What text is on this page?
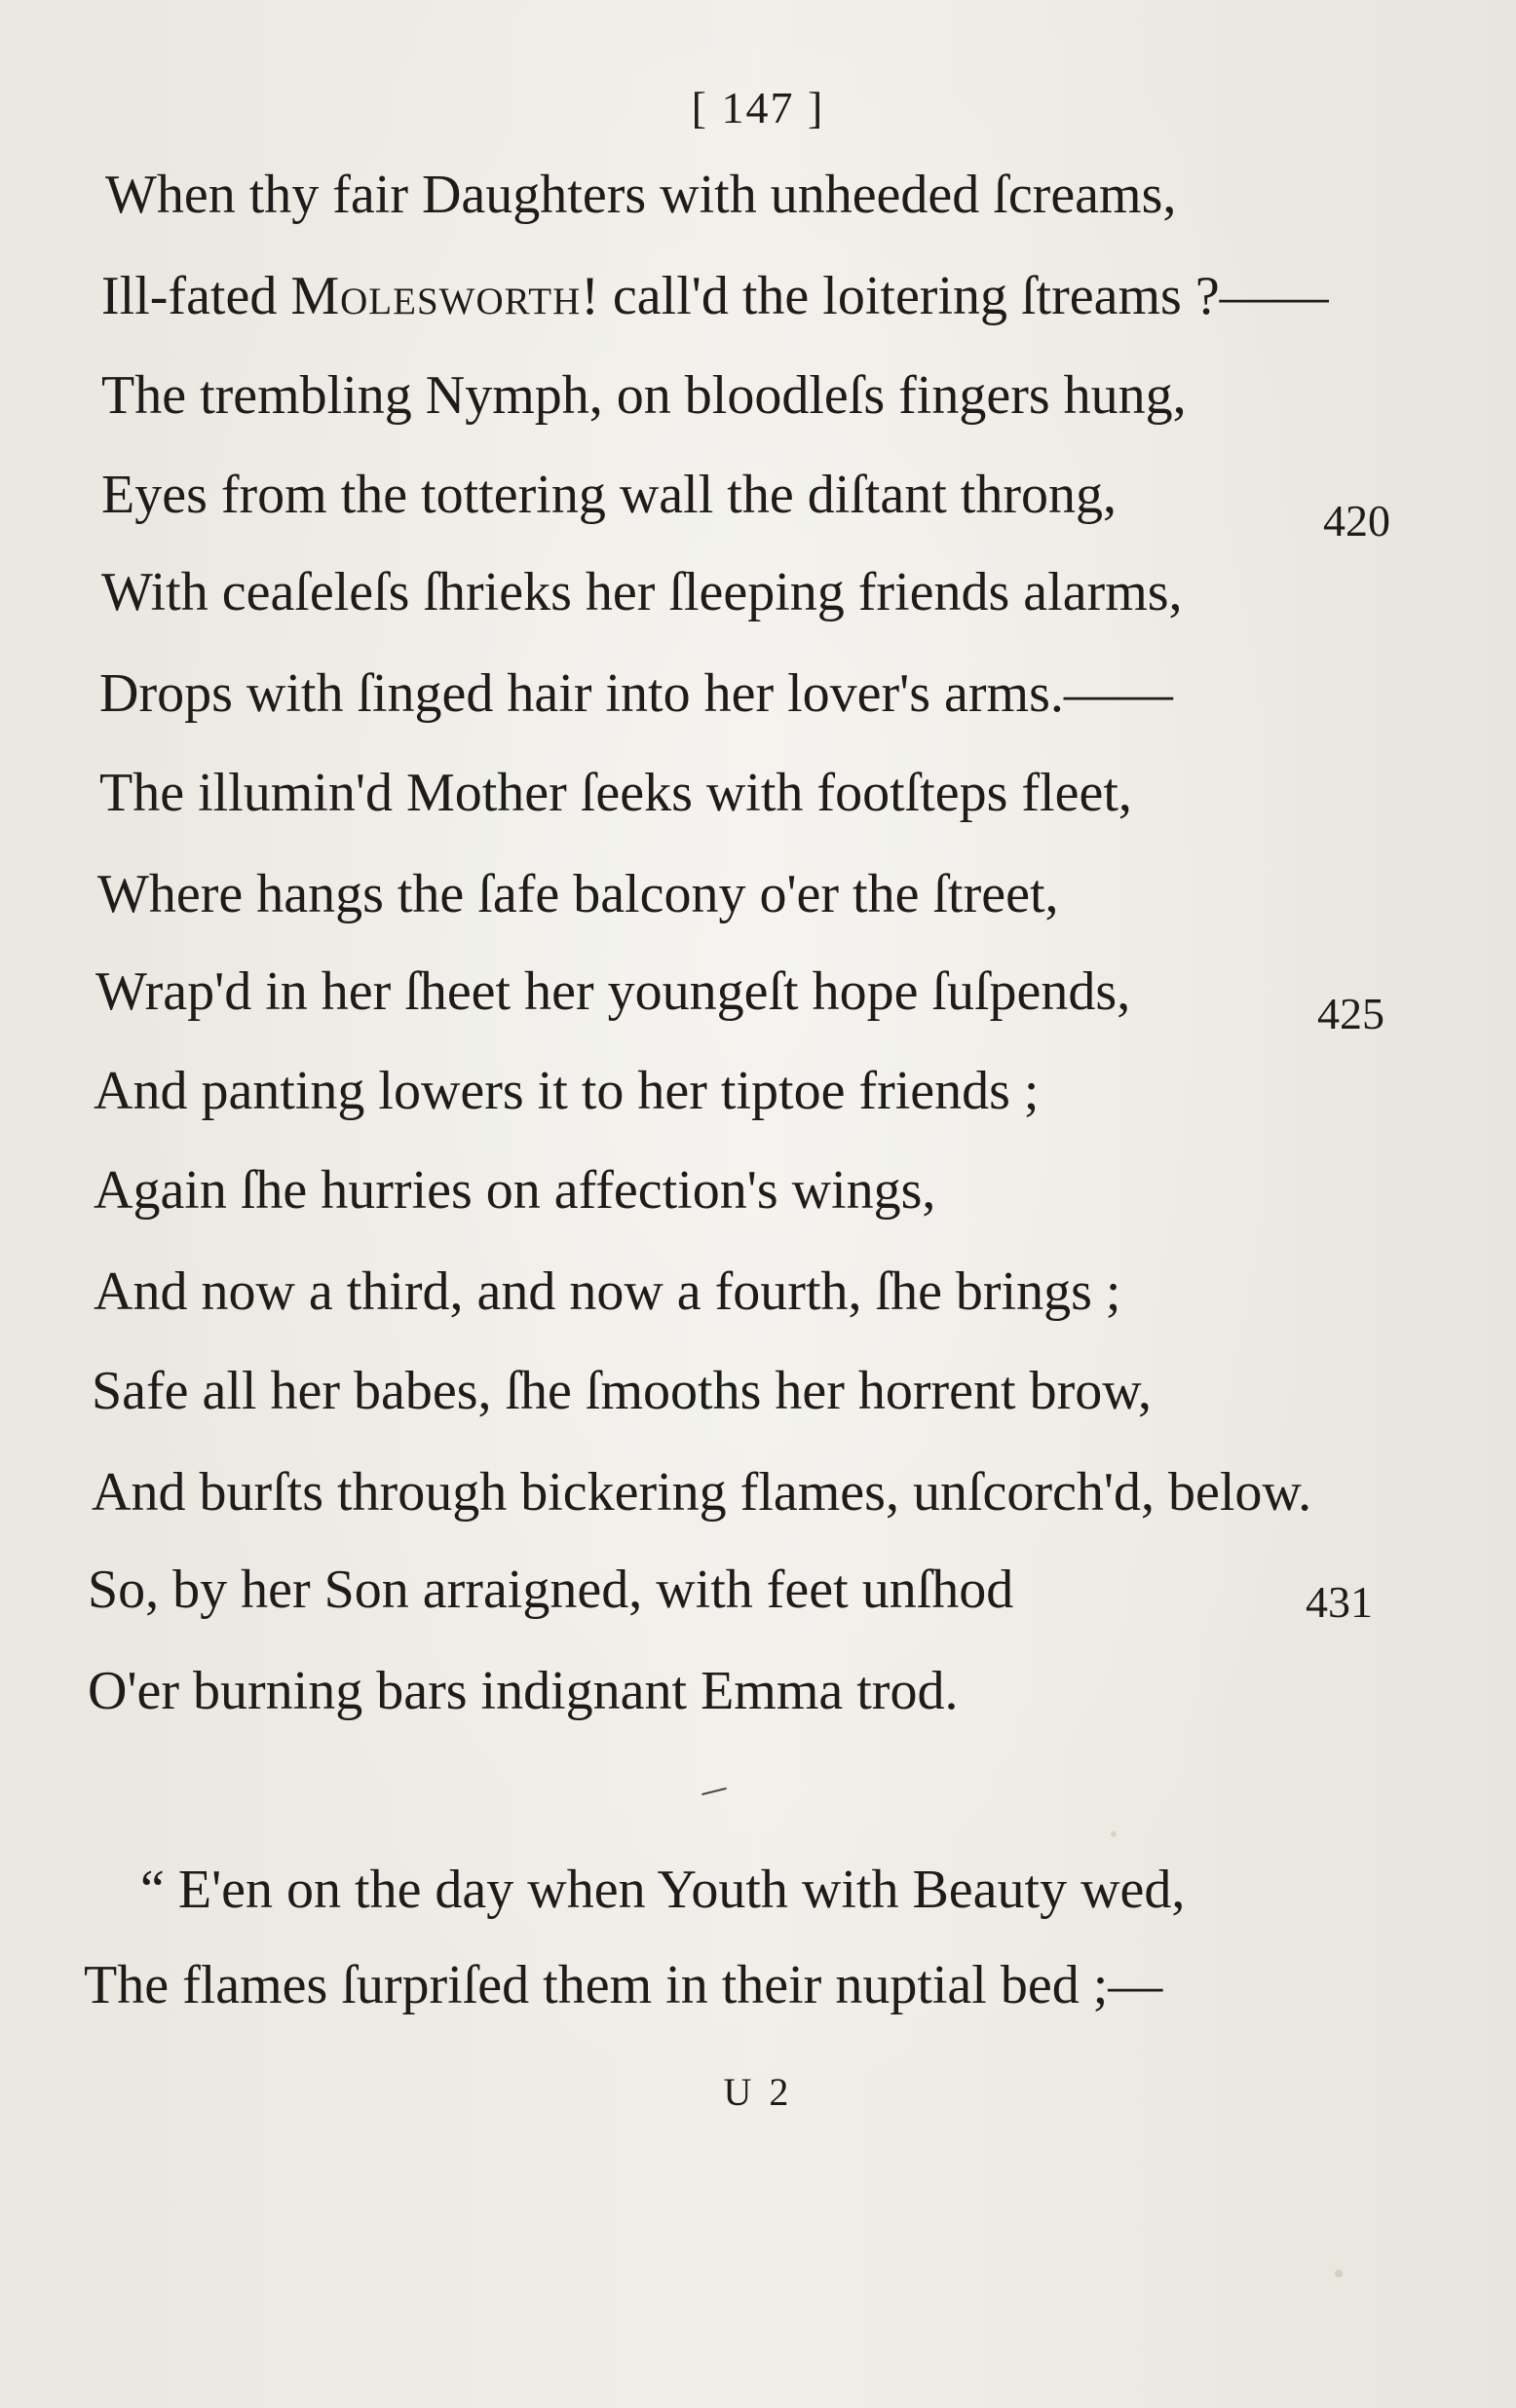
[ 147 ]
When thy fair Daughters with unheeded ſcreams,
Ill-fated Molesworth! call'd the loitering ſtreams ?——
The trembling Nymph, on bloodleſs fingers hung,
Eyes from the tottering wall the diſtant throng,	420
With ceaſeleſs ſhrieks her ſleeping friends alarms,
Drops with ſinged hair into her lover's arms.——
The illumin'd Mother ſeeks with footſteps fleet,
Where hangs the ſafe balcony o'er the ſtreet,
Wrap'd in her ſheet her youngeſt hope ſuſpends,	425
And panting lowers it to her tiptoe friends ;
Again ſhe hurries on affection's wings,
And now a third, and now a fourth, ſhe brings ;
Safe all her babes, ſhe ſmooths her horrent brow,
And burſts through bickering flames, unſcorch'd, below.
So, by her Son arraigned, with feet unſhod	431
O'er burning bars indignant Emma trod.
“ E'en on the day when Youth with Beauty wed,
The flames ſurpriſed them in their nuptial bed ;—
U 2
